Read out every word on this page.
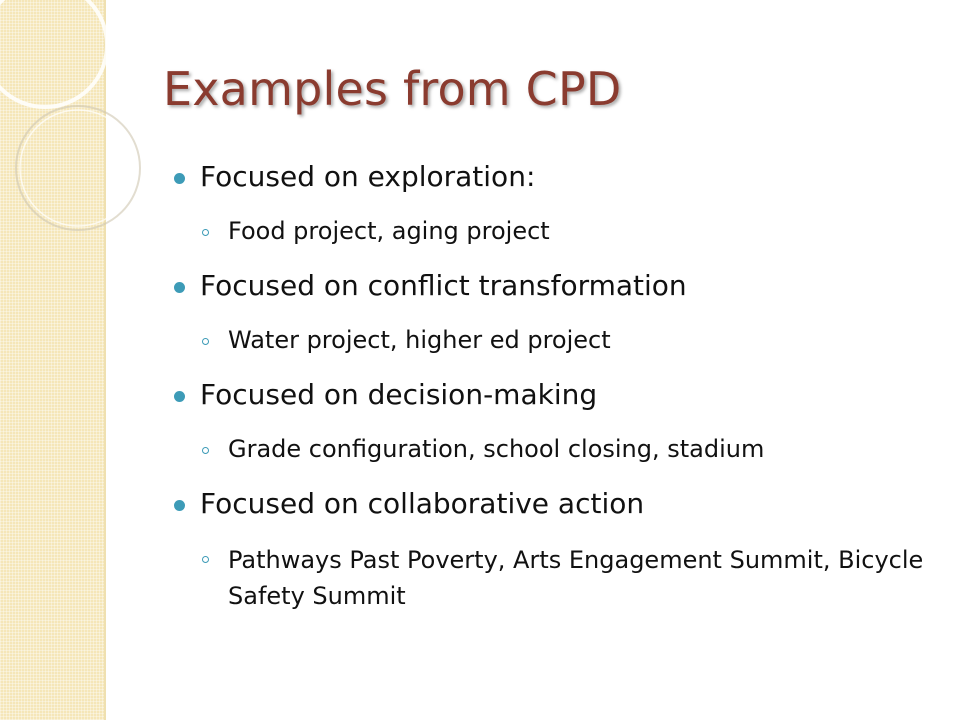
Examples from CPD
Focused on exploration:
Food project, aging project
Focused on conflict transformation
Water project, higher ed project
Focused on decision-making
Grade configuration, school closing, stadium
Focused on collaborative action
Pathways Past Poverty, Arts Engagement Summit, Bicycle Safety Summit
